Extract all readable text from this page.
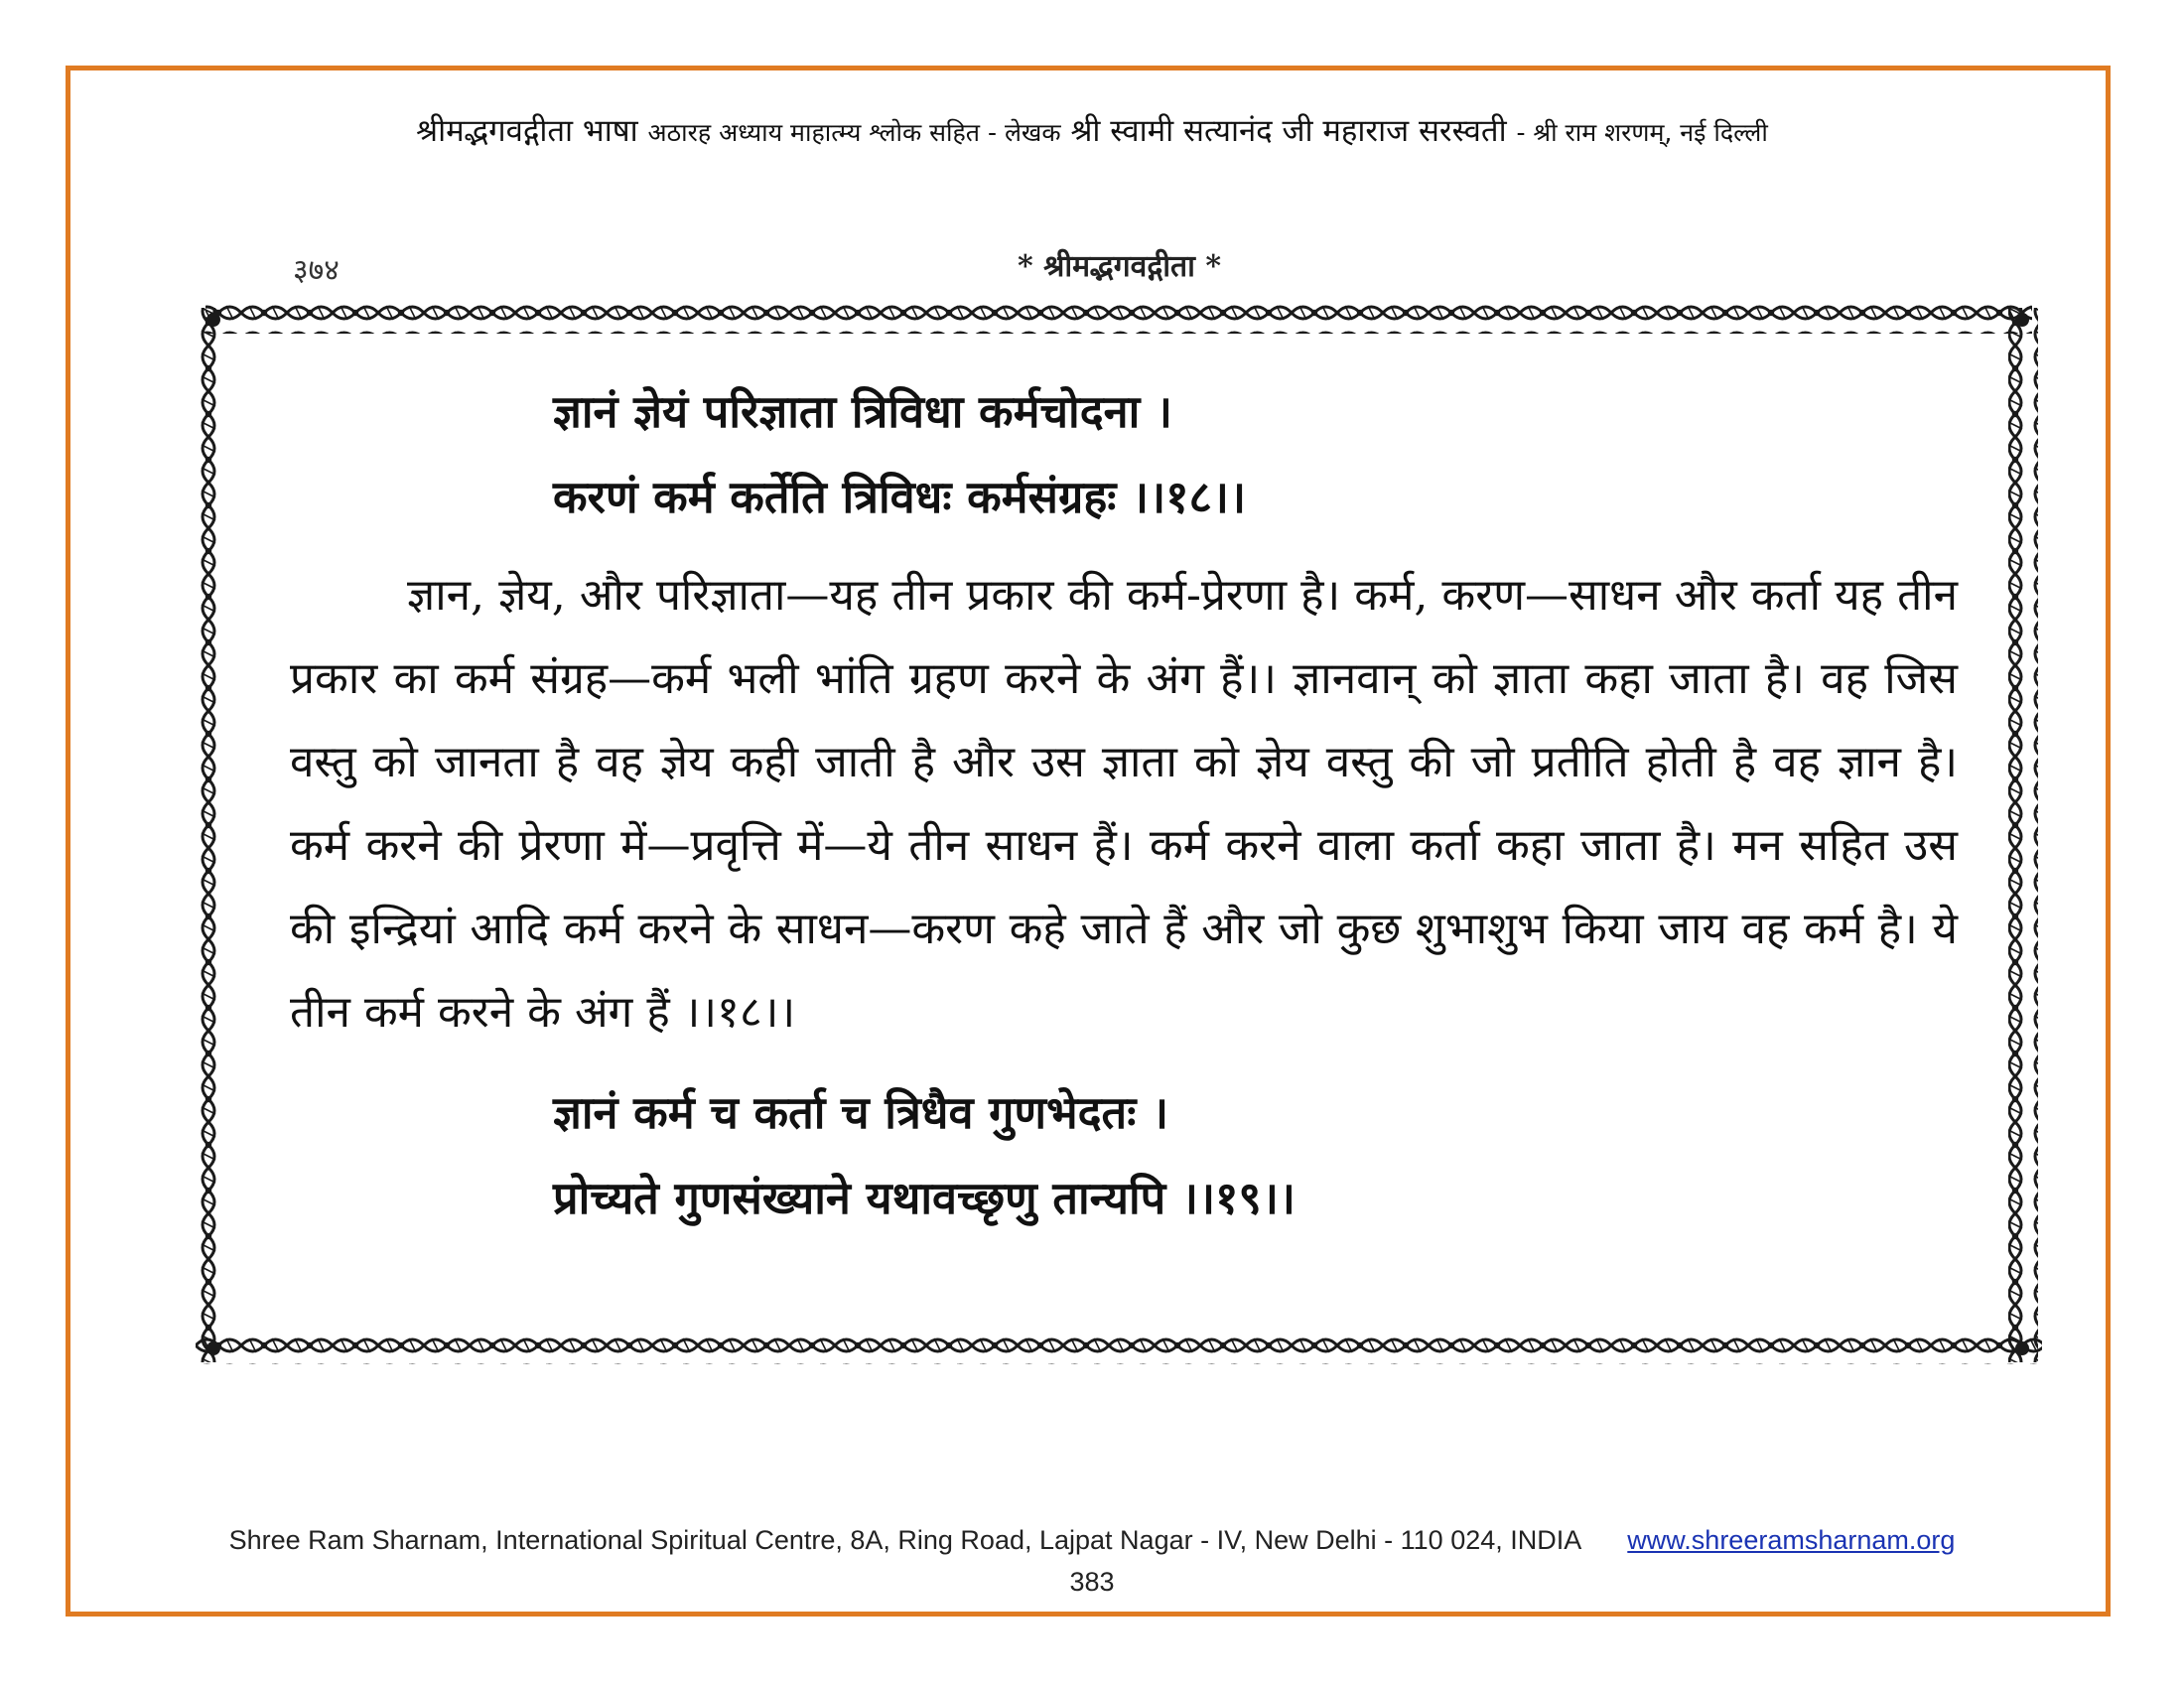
श्रीमद्भगवद्गीता भाषा अठारह अध्याय माहात्म्य श्लोक सहित - लेखक श्री स्वामी सत्यानंद जी महाराज सरस्वती - श्री राम शरणम्, नई दिल्ली
३७४	* श्रीमद्भगवद्गीता *
ज्ञानं ज्ञेयं परिज्ञाता त्रिविधा कर्मचोदना ।
करणं कर्म कर्तेति त्रिविधः कर्मसंग्रहः ।।१८।।
ज्ञान, ज्ञेय, और परिज्ञाता—यह तीन प्रकार की कर्म-प्रेरणा है। कर्म, करण—साधन और कर्ता यह तीन प्रकार का कर्म संग्रह—कर्म भली भांति ग्रहण करने के अंग हैं।। ज्ञानवान् को ज्ञाता कहा जाता है। वह जिस वस्तु को जानता है वह ज्ञेय कही जाती है और उस ज्ञाता को ज्ञेय वस्तु की जो प्रतीति होती है वह ज्ञान है। कर्म करने की प्रेरणा में—प्रवृत्ति में—ये तीन साधन हैं। कर्म करने वाला कर्ता कहा जाता है। मन सहित उस की इन्द्रियां आदि कर्म करने के साधन—करण कहे जाते हैं और जो कुछ शुभाशुभ किया जाय वह कर्म है। ये तीन कर्म करने के अंग हैं ।।१८।।
ज्ञानं कर्म च कर्ता च त्रिधैव गुणभेदतः ।
प्रोच्यते गुणसंख्याने यथावच्छृणु तान्यपि ।।१९।।
Shree Ram Sharnam, International Spiritual Centre, 8A, Ring Road, Lajpat Nagar - IV, New Delhi - 110 024, INDIA www.shreeramsharnam.org
383
